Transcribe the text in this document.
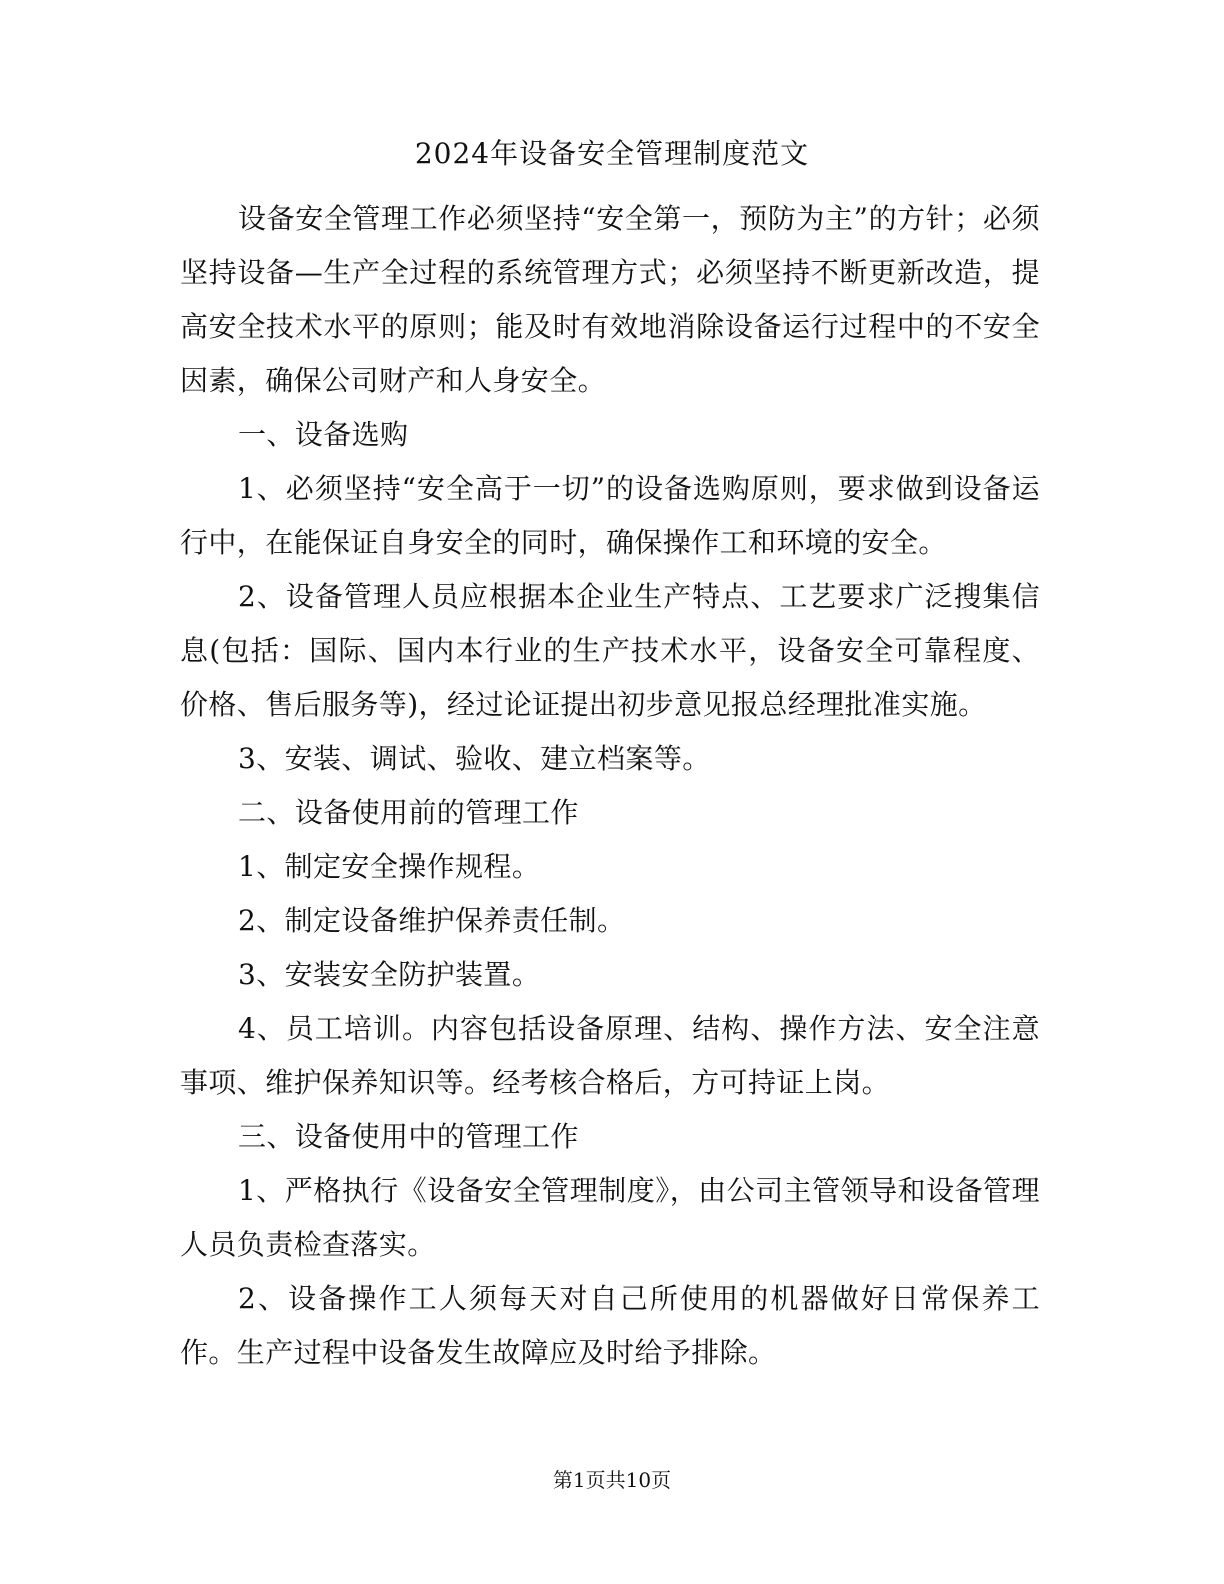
2024年设备安全管理制度范文

设备安全管理工作必须坚持“安全第一，预防为主”的方针；必须坚持设备—生产全过程的系统管理方式；必须坚持不断更新改造，提高安全技术水平的原则；能及时有效地消除设备运行过程中的不安全因素，确保公司财产和人身安全。

一、设备选购

1、必须坚持“安全高于一切”的设备选购原则，要求做到设备运行中，在能保证自身安全的同时，确保操作工和环境的安全。

2、设备管理人员应根据本企业生产特点、工艺要求广泛搜集信息(包括：国际、国内本行业的生产技术水平，设备安全可靠程度、价格、售后服务等)，经过论证提出初步意见报总经理批准实施。

3、安装、调试、验收、建立档案等。

二、设备使用前的管理工作

1、制定安全操作规程。

2、制定设备维护保养责任制。

3、安装安全防护装置。

4、员工培训。内容包括设备原理、结构、操作方法、安全注意事项、维护保养知识等。经考核合格后，方可持证上岗。

三、设备使用中的管理工作

1、严格执行《设备安全管理制度》，由公司主管领导和设备管理人员负责检查落实。

2、设备操作工人须每天对自己所使用的机器做好日常保养工作。生产过程中设备发生故障应及时给予排除。

第1页共10页
